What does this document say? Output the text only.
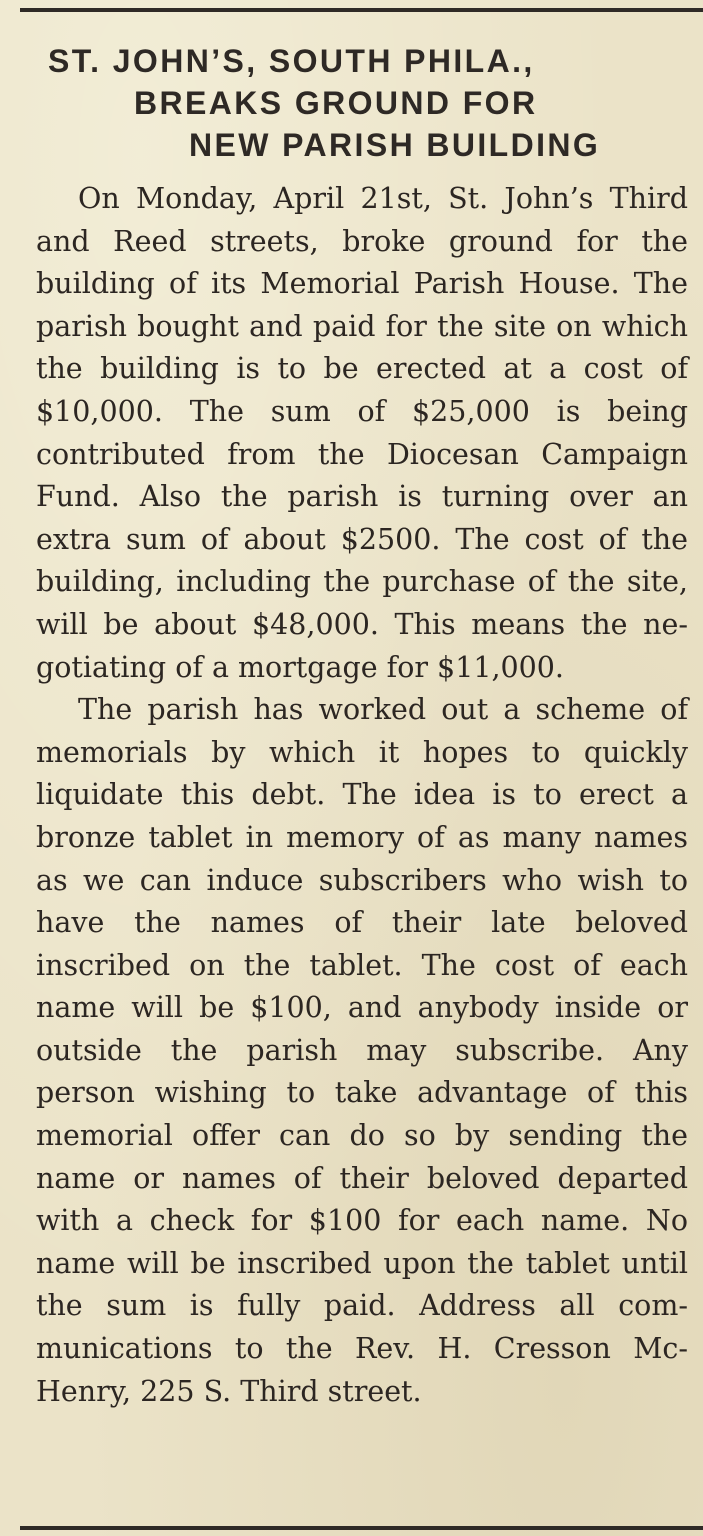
ST. JOHN’S, SOUTH PHILA.,
BREAKS GROUND FOR
NEW PARISH BUILDING

On Monday, April 21st, St. John’s Third and Reed streets, broke ground for the building of its Memorial Parish House. The parish bought and paid for the site on which the building is to be erected at a cost of $10,000. The sum of $25,000 is being contributed from the Diocesan Campaign Fund. Also the parish is turning over an extra sum of about $2500. The cost of the building, including the purchase of the site, will be about $48,000. This means the negotiating of a mortgage for $11,000.

The parish has worked out a scheme of memorials by which it hopes to quickly liquidate this debt. The idea is to erect a bronze tablet in memory of as many names as we can induce subscribers who wish to have the names of their late beloved inscribed on the tablet. The cost of each name will be $100, and anybody inside or outside the parish may subscribe. Any person wishing to take advantage of this memorial offer can do so by sending the name or names of their beloved departed with a check for $100 for each name. No name will be inscribed upon the tablet until the sum is fully paid. Address all communications to the Rev. H. Cresson McHenry, 225 S. Third street.
